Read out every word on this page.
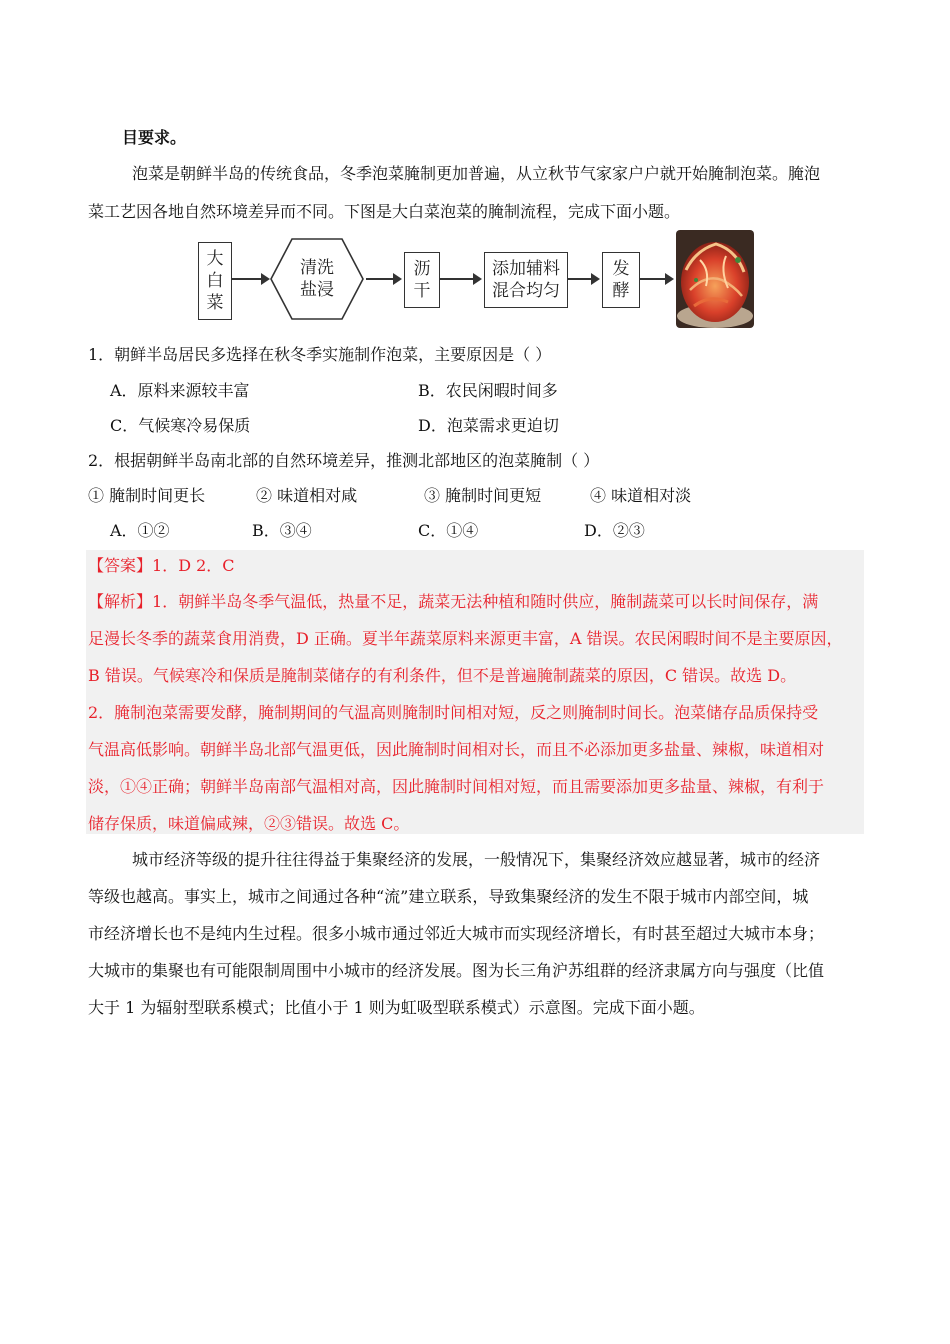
目要求。
泡菜是朝鲜半岛的传统食品，冬季泡菜腌制更加普遍，从立秋节气家家户户就开始腌制泡菜。腌泡
菜工艺因各地自然环境差异而不同。下图是大白菜泡菜的腌制流程，完成下面小题。
大
白
菜
清洗
盐浸
沥
干
添加辅料
混合均匀
发
酵
1．朝鲜半岛居民多选择在秋冬季实施制作泡菜，主要原因是（ ）
A．原料来源较丰富	B．农民闲暇时间多
C．气候寒冷易保质	D．泡菜需求更迫切
2．根据朝鲜半岛南北部的自然环境差异，推测北部地区的泡菜腌制（ ）
① 腌制时间更长	② 味道相对咸	③ 腌制时间更短	④ 味道相对淡
A．①②	B．③④	C．①④	D．②③
【答案】1．D 2．C
【解析】1．朝鲜半岛冬季气温低，热量不足，蔬菜无法种植和随时供应，腌制蔬菜可以长时间保存，满
足漫长冬季的蔬菜食用消费，D 正确。夏半年蔬菜原料来源更丰富，A 错误。农民闲暇时间不是主要原因，
B 错误。气候寒冷和保质是腌制菜储存的有利条件，但不是普遍腌制蔬菜的原因，C 错误。故选 D。
2．腌制泡菜需要发酵，腌制期间的气温高则腌制时间相对短，反之则腌制时间长。泡菜储存品质保持受
气温高低影响。朝鲜半岛北部气温更低，因此腌制时间相对长，而且不必添加更多盐量、辣椒，味道相对
淡，①④正确；朝鲜半岛南部气温相对高，因此腌制时间相对短，而且需要添加更多盐量、辣椒，有利于
储存保质，味道偏咸辣，②③错误。故选 C。
城市经济等级的提升往往得益于集聚经济的发展，一般情况下，集聚经济效应越显著，城市的经济
等级也越高。事实上，城市之间通过各种“流”建立联系，导致集聚经济的发生不限于城市内部空间，城
市经济增长也不是纯内生过程。很多小城市通过邻近大城市而实现经济增长，有时甚至超过大城市本身；
大城市的集聚也有可能限制周围中小城市的经济发展。图为长三角沪苏组群的经济隶属方向与强度（比值
大于 1 为辐射型联系模式；比值小于 1 则为虹吸型联系模式）示意图。完成下面小题。
